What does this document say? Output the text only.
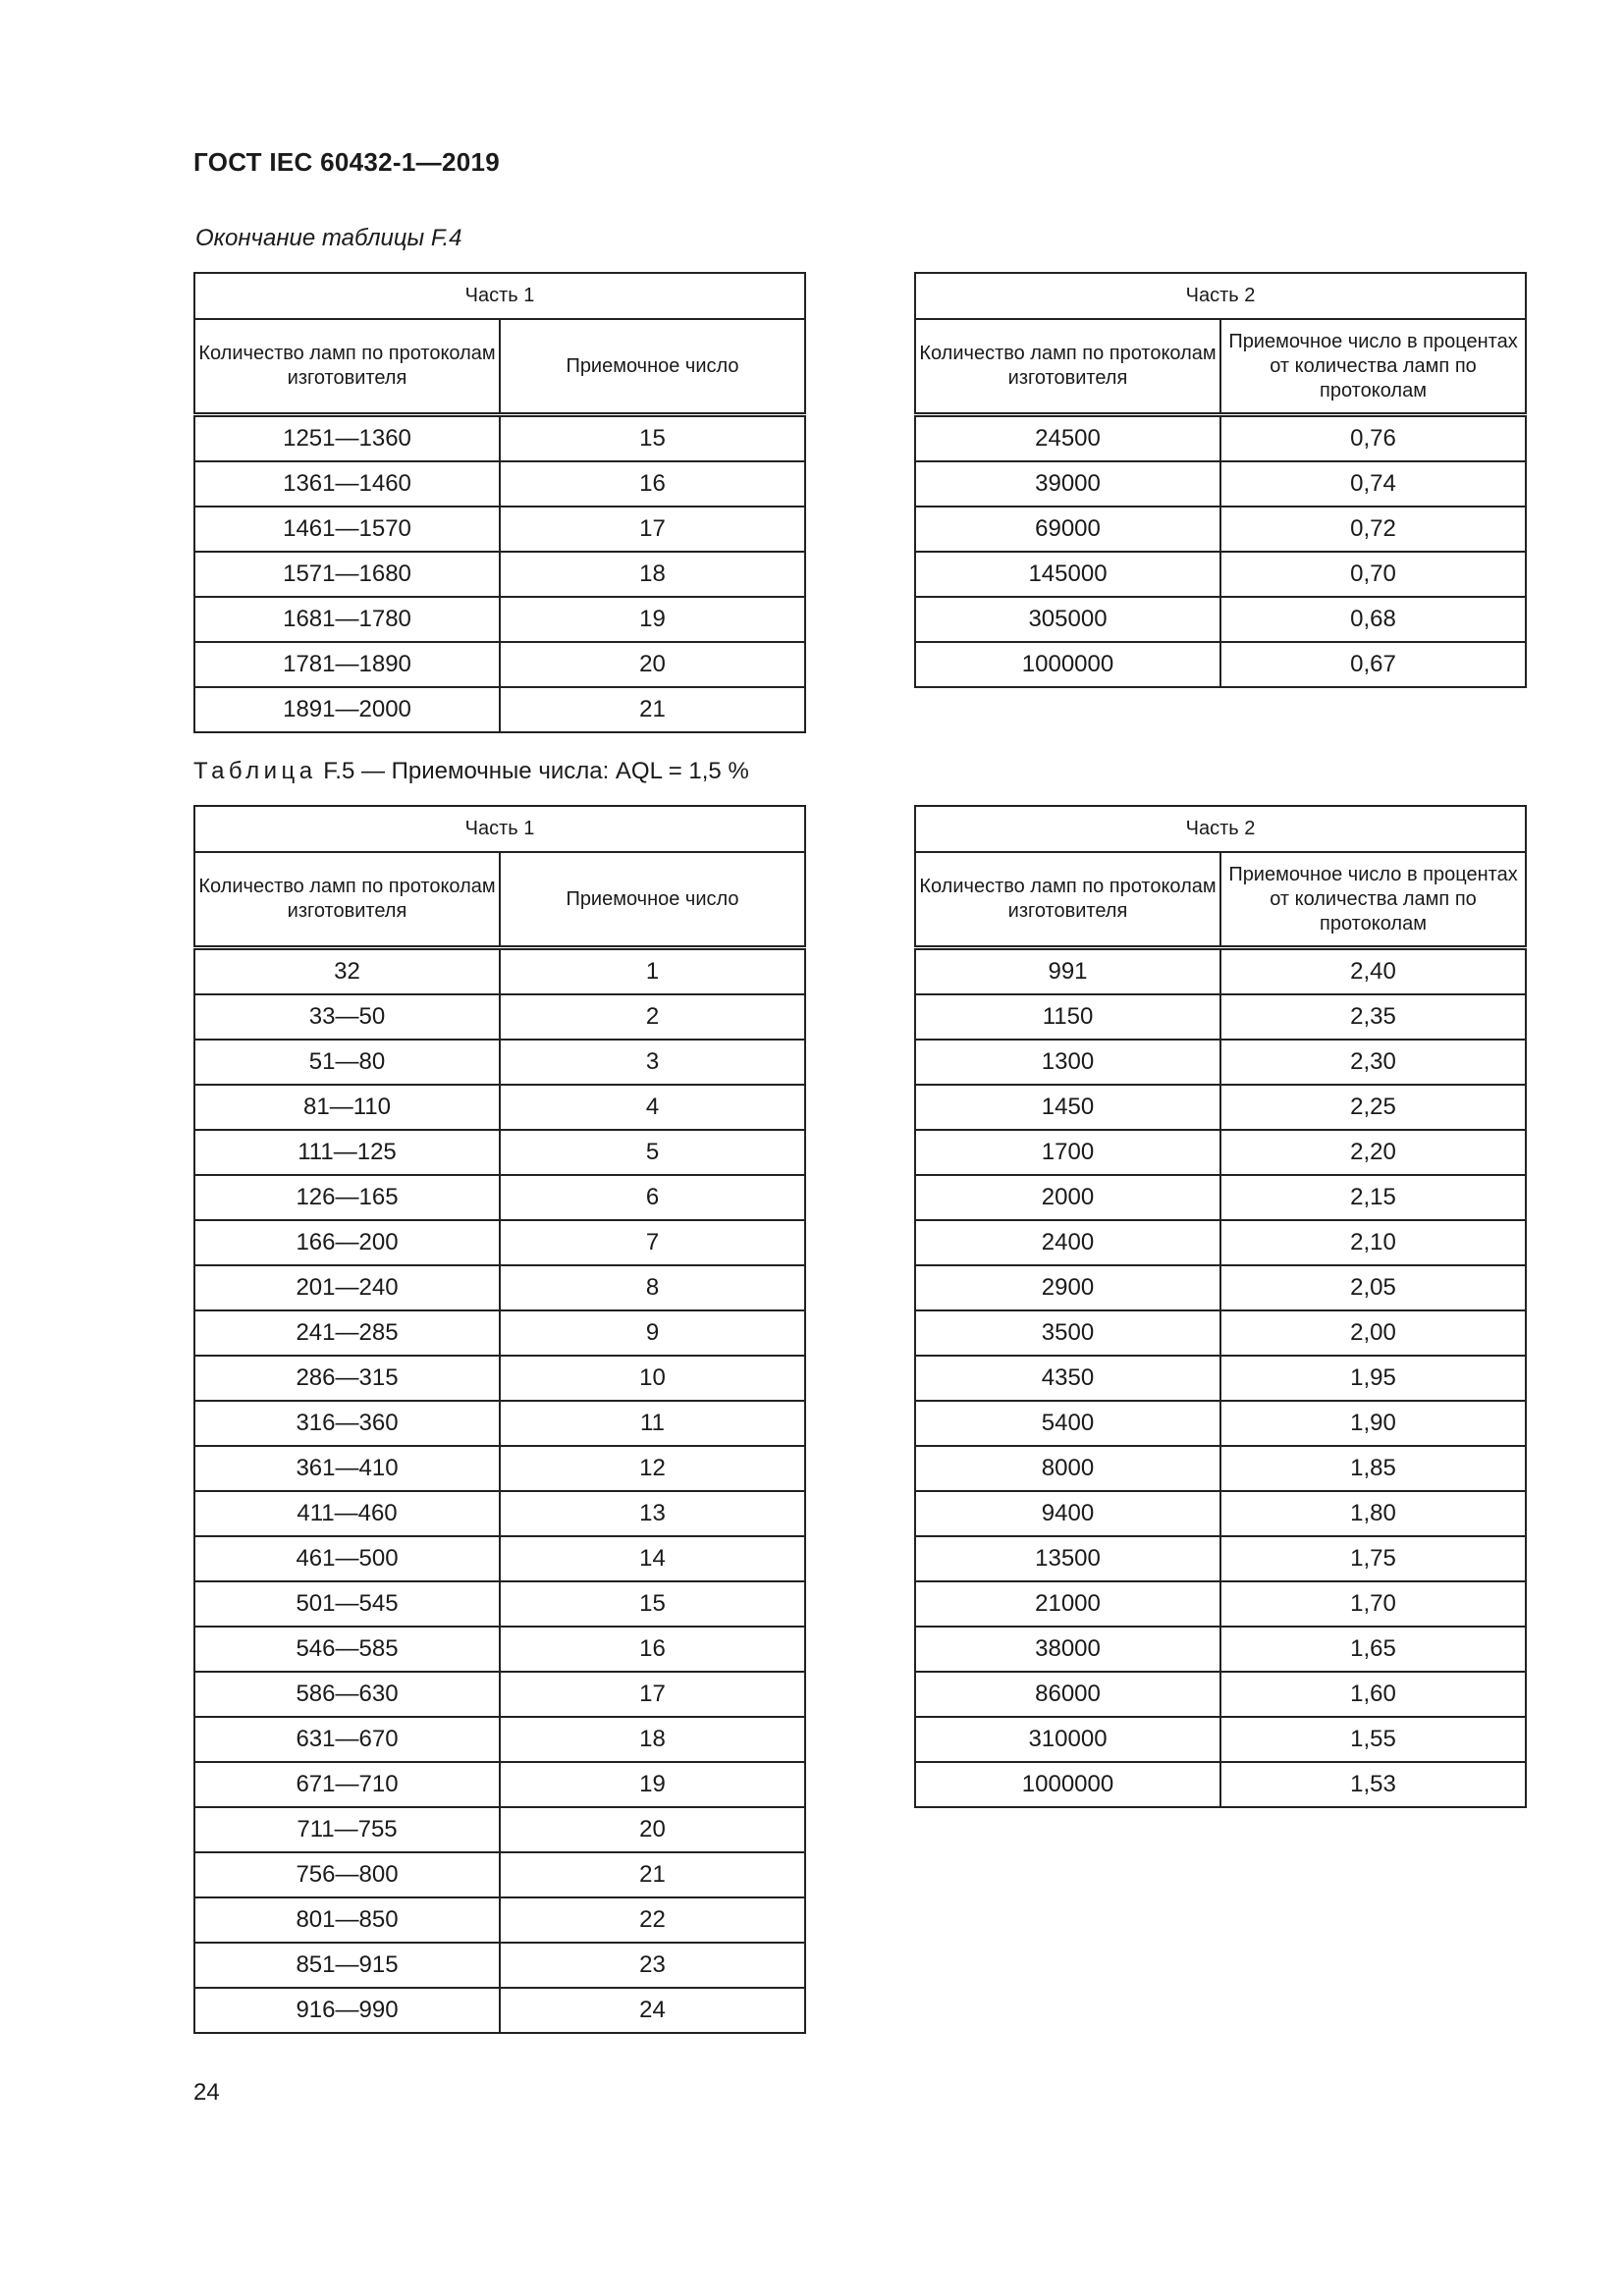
ГОСТ IEC 60432-1—2019
Окончание таблицы F.4
Часть 1	
Количество ламп по протоколам изготовителя	Приемочное число
1251—1360	15
1361—1460	16
1461—1570	17
1571—1680	18
1681—1780	19
1781—1890	20
1891—2000	21
Часть 2	
Количество ламп по протоколам изготовителя	Приемочное число в процентах от количества ламп по протоколам
24500	0,76
39000	0,74
69000	0,72
145000	0,70
305000	0,68
1000000	0,67
Таблица F.5 — Приемочные числа: AQL = 1,5 %
Часть 1	
Количество ламп по протоколам изготовителя	Приемочное число
32	1
33—50	2
51—80	3
81—110	4
111—125	5
126—165	6
166—200	7
201—240	8
241—285	9
286—315	10
316—360	11
361—410	12
411—460	13
461—500	14
501—545	15
546—585	16
586—630	17
631—670	18
671—710	19
711—755	20
756—800	21
801—850	22
851—915	23
916—990	24
Часть 2	
Количество ламп по протоколам изготовителя	Приемочное число в процентах от количества ламп по протоколам
991	2,40
1150	2,35
1300	2,30
1450	2,25
1700	2,20
2000	2,15
2400	2,10
2900	2,05
3500	2,00
4350	1,95
5400	1,90
8000	1,85
9400	1,80
13500	1,75
21000	1,70
38000	1,65
86000	1,60
310000	1,55
1000000	1,53
24
